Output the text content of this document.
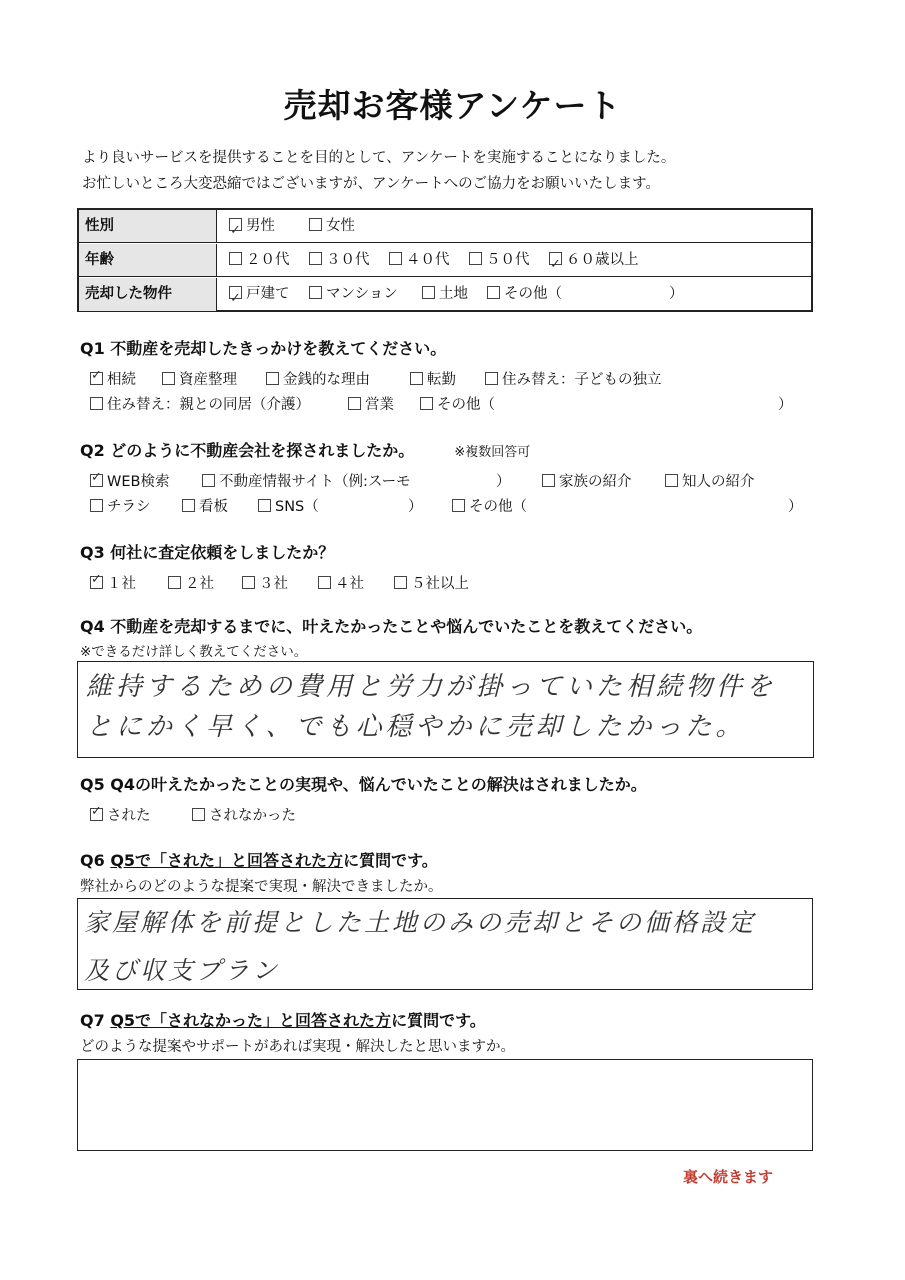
売却お客様アンケート
より良いサービスを提供することを目的として、アンケートを実施することになりました。
お忙しいところ大変恐縮ではございますが、アンケートへのご協力をお願いいたします。
性別 ✓	男性	女性
年齢	２０代	３０代	４０代	５０代 ✓	６０歳以上
売却した物件 ✓	戸建て	マンション	土地	その他（	）
Q1 不動産を売却したきっかけを教えてください。
✓相続	資産整理	金銭的な理由	転勤	住み替え：子どもの独立
住み替え：親との同居（介護）	営業	その他（	）
Q2 どのように不動産会社を探されましたか。	※複数回答可
✓WEB検索	不動産情報サイト（例:スーモ	）	家族の紹介	知人の紹介
チラシ	看板	SNS（	）	その他（	）
Q3 何社に査定依頼をしましたか？
✓１社	２社	３社	４社	５社以上
Q4 不動産を売却するまでに、叶えたかったことや悩んでいたことを教えてください。
※できるだけ詳しく教えてください。
維持するための費用と労力が掛っていた相続物件を
とにかく早く、でも心穏やかに売却したかった。
Q5 Q4の叶えたかったことの実現や、悩んでいたことの解決はされましたか。
✓された	されなかった
Q6 Q5で「された」と回答された方に質問です。
弊社からのどのような提案で実現・解決できましたか。
家屋解体を前提とした土地のみの売却とその価格設定
及び収支プラン
Q7 Q5で「されなかった」と回答された方に質問です。
どのような提案やサポートがあれば実現・解決したと思いますか。
裏へ続きます
